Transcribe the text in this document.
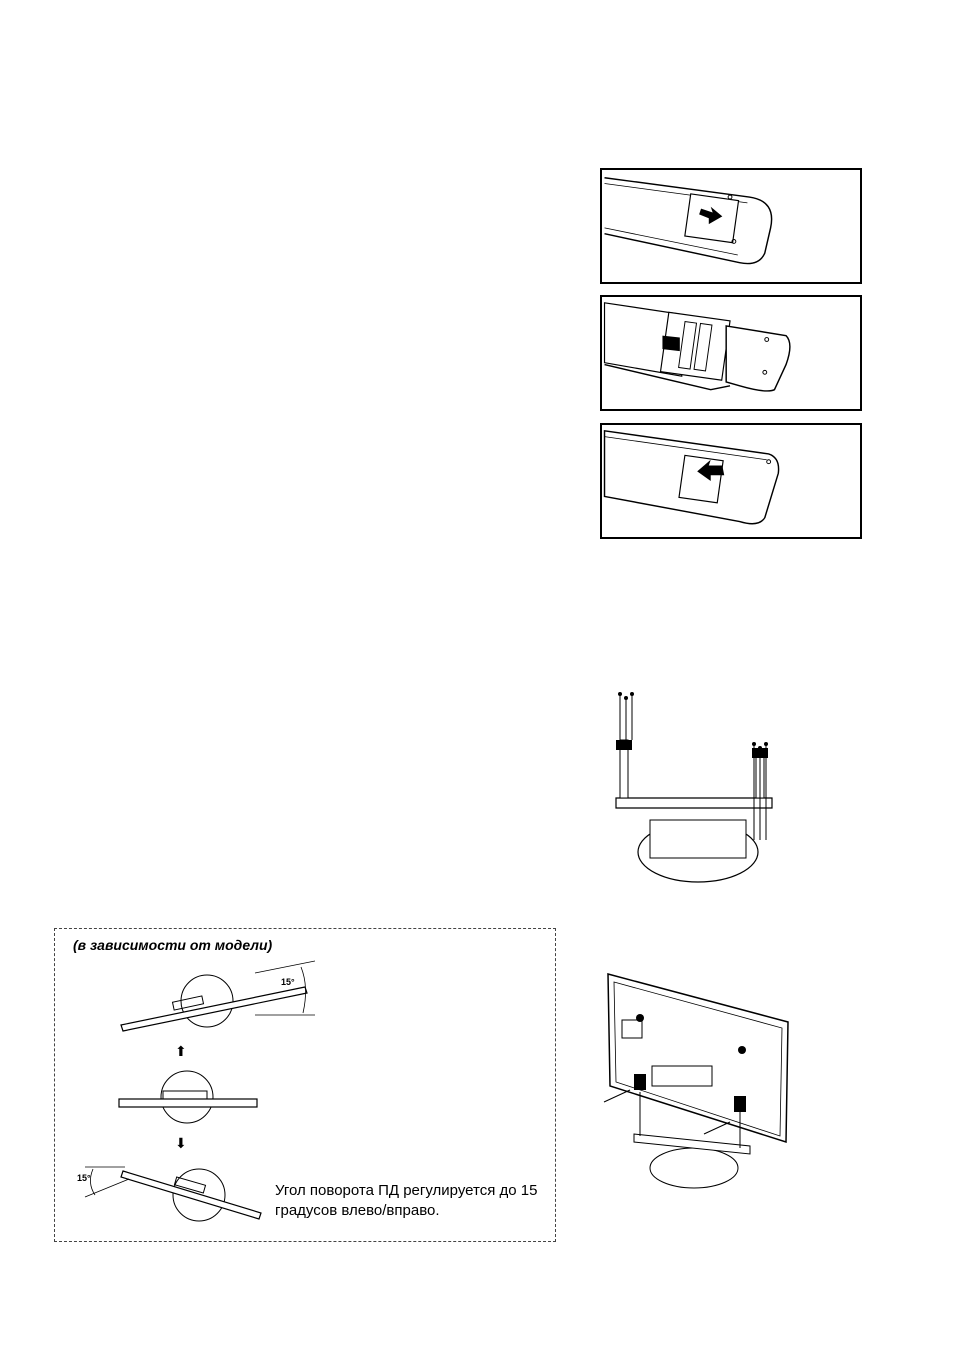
(в зависимости от модели)
15°
⬆
⬇
15°
Угол поворота ПД регулируется до 15 градусов влево/вправо.
